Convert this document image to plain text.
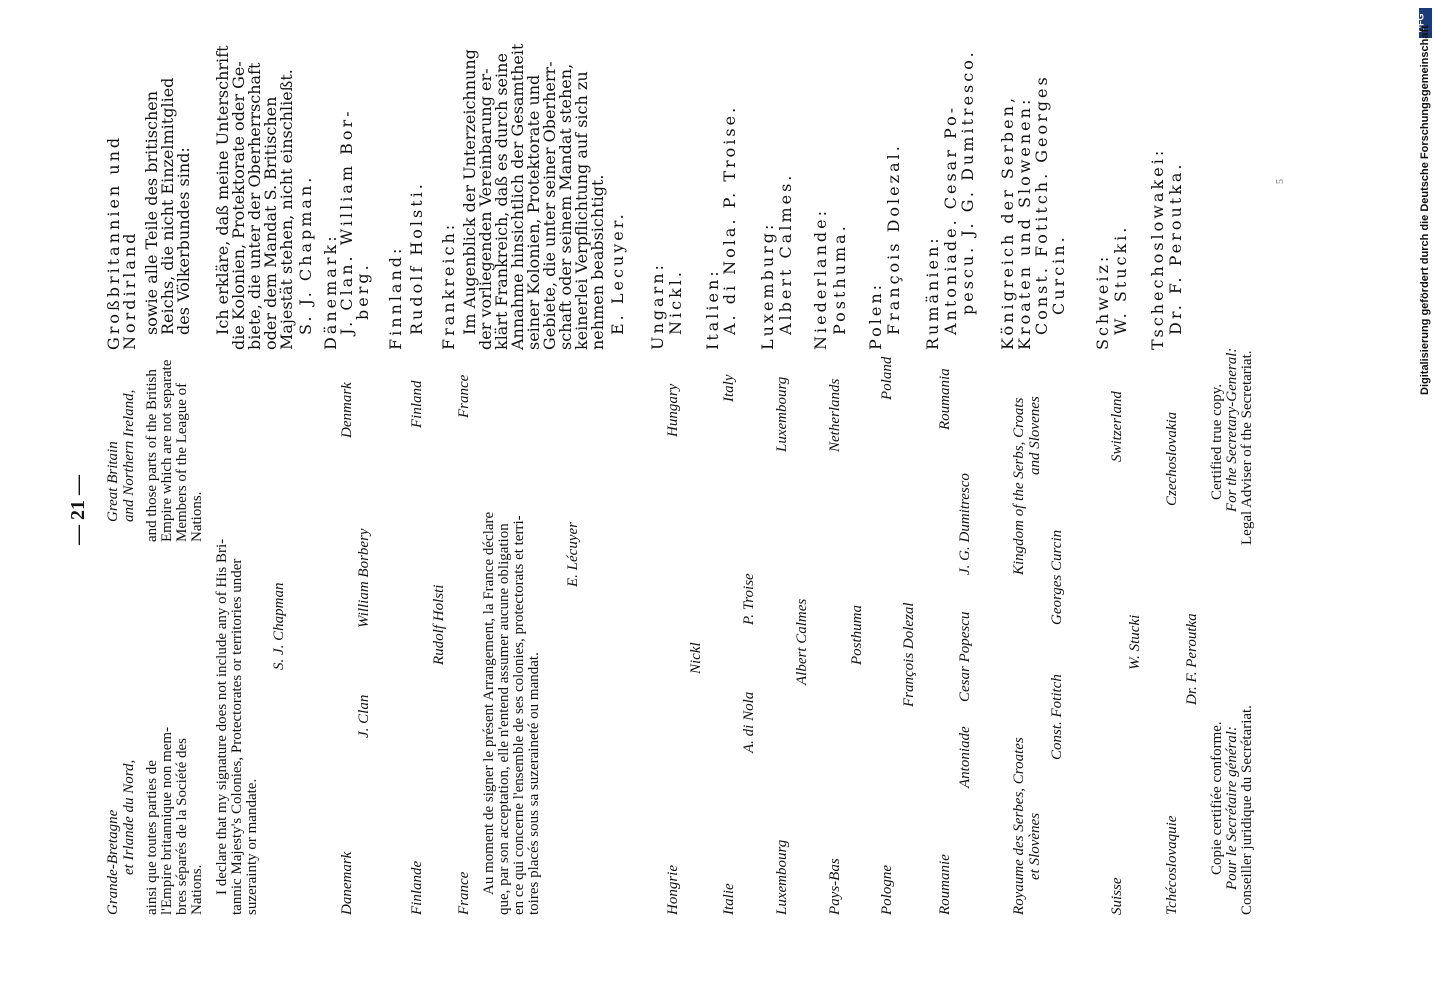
— 21 —
Grande-Bretagne et Irlande du Nord, ainsi que toutes parties de l'Empire britannique non mem- bres séparés de la Société des Nations.
Great Britain and Northern Ireland, and those parts of the British Empire which are not separate Members of the League of Nations.
I declare that my signature does not include any of His Bri- tannic Majesty's Colonies, Protectorates or territories under suzerainty or mandate.
S. J. Chapman
Danemark
J. Clan
William Borbery
Denmark
Finlande
Rudolf Holsti
Finland
France
France
Au moment de signer le présent Arrangement, la France déclare que, par son acceptation, elle n'entend assumer aucune obligation en ce qui concerne l'ensemble de ses colonies, protectorats et terri- toires placés sous sa suzeraineté ou mandat.
E. Lécuyer
Hongrie
Nickl
Hungary
Italie
A. di Nola
P. Troise
Italy
Luxembourg
Albert Calmes
Luxembourg
Pays-Bas
Posthuma
Netherlands
Pologne
François Dolezal
Poland
Roumanie
Antoniade
Cesar Popescu
J. G. Dumitresco
Roumania
Royaume des Serbes, Croates et Slovènes
Const. Fotitch
Georges Curcin
Kingdom of the Serbs, Croats and Slovenes
Suisse
W. Stucki
Switzerland
Tchécoslovaquie
Dr. F. Peroutka
Czechoslovakia
Copie certifiée conforme. Pour le Secrétaire général: Conseiller juridique du Secrétariat.
Certified true copy. For the Secretary-General: Legal Adviser of the Secretariat.
Großbritannien und
Nordirland sowie alle Teile des britischen
Reichs, die nicht Einzelmitglied
des Völkerbundes sind: Ich erkläre, daß meine Unterschrift
die Kolonien, Protektorate oder Ge-
biete, die unter der Oberherrschaft
oder dem Mandat S. Britischen
Majestät stehen, nicht einschließt. S. J. Chapman. Dänemark:
J. Clan. William Bor-
berg. Finnland: Rudolf Holsti. Frankreich: Im Augenblick der Unterzeichnung
der vorliegenden Vereinbarung er-
klärt Frankreich, daß es durch seine
Annahme hinsichtlich der Gesamtheit
seiner Kolonien, Protektorate und
Gebiete, die unter seiner Oberherr-
schaft oder seinem Mandat stehen,
keinerlei Verpflichtung auf sich zu
nehmen beabsichtigt. E. Lecuyer. Ungarn: Nickl. Italien:
A. di Nola. P. Troise. Luxemburg: Albert Calmes. Niederlande: Posthuma. Polen: François Dolezal. Rumänien: Antoniade. Cesar Po-
pescu. J. G. Dumitresco. Königreich der Serben,
Kroaten und Slowenen:
Const. Fotitch. Georges
Curcin. Schweiz: W. Stucki. Tschechoslowakei: Dr. F. Peroutka.	5
DFG
Digitalisierung gefördert durch die Deutsche Forschungsgemeinschaft
